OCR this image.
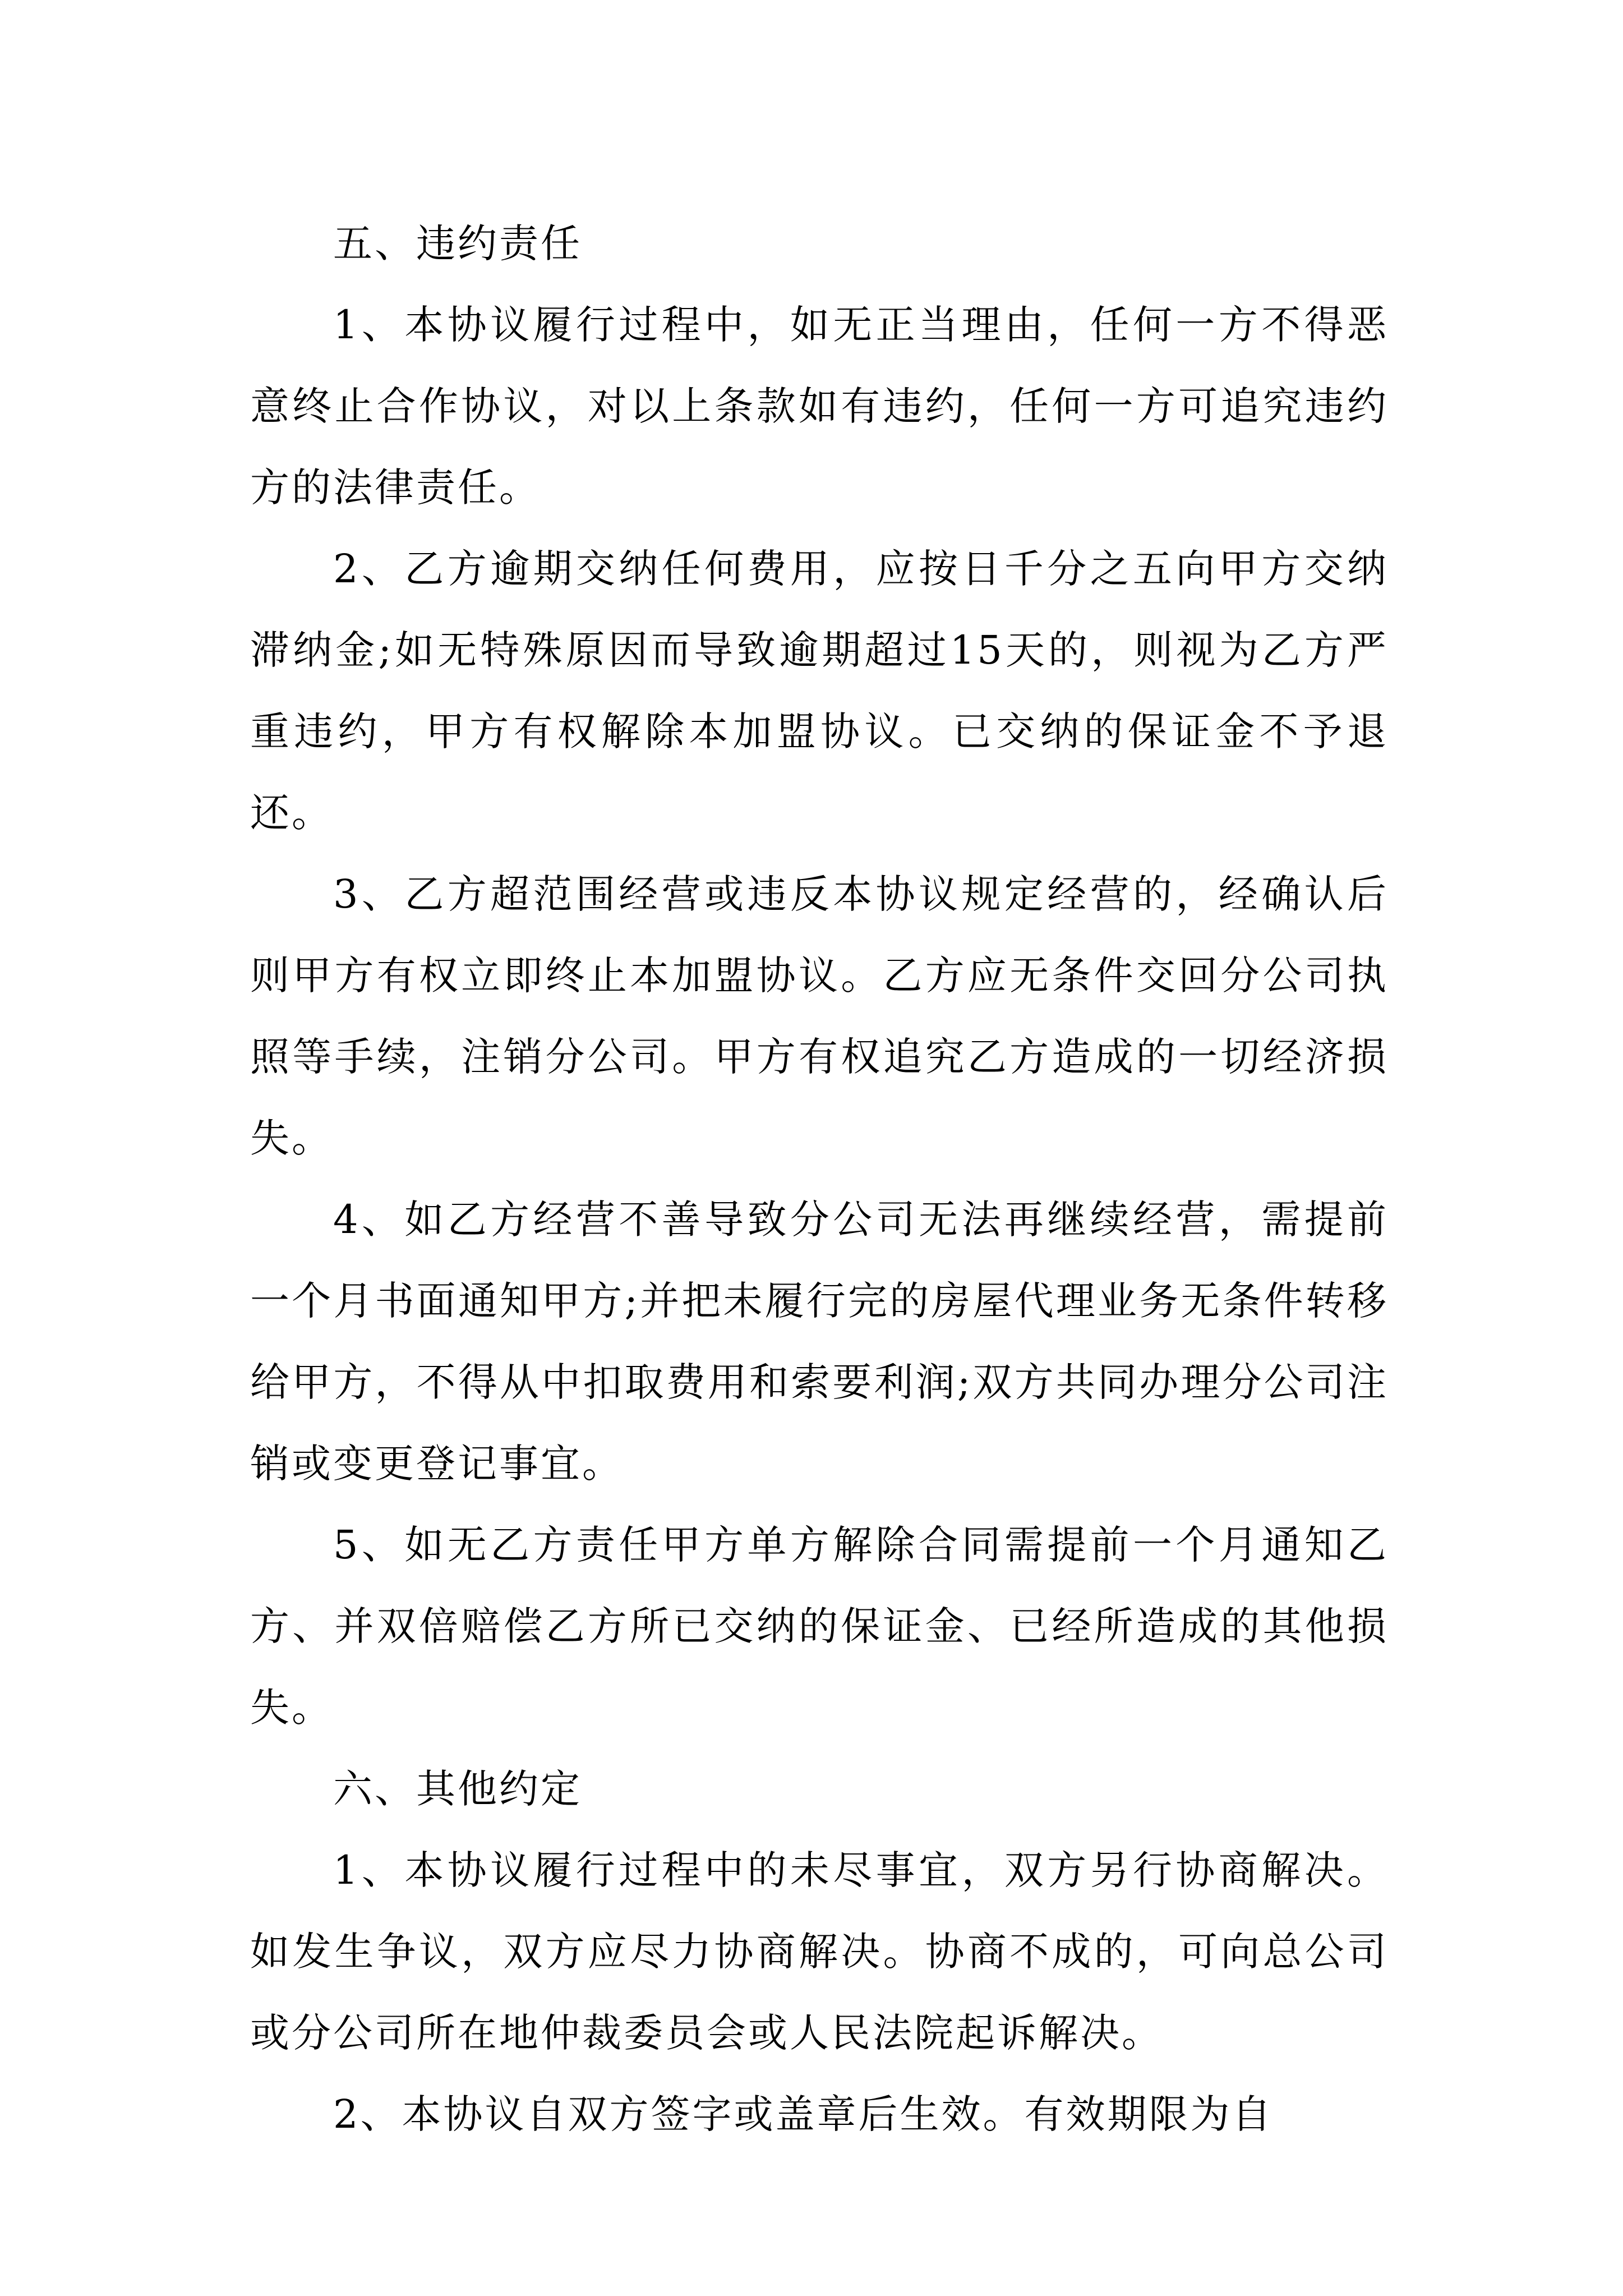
五、违约责任

1、本协议履行过程中，如无正当理由，任何一方不得恶意终止合作协议，对以上条款如有违约，任何一方可追究违约方的法律责任。

2、乙方逾期交纳任何费用，应按日千分之五向甲方交纳滞纳金;如无特殊原因而导致逾期超过15天的，则视为乙方严重违约，甲方有权解除本加盟协议。已交纳的保证金不予退还。

3、乙方超范围经营或违反本协议规定经营的，经确认后则甲方有权立即终止本加盟协议。乙方应无条件交回分公司执照等手续，注销分公司。甲方有权追究乙方造成的一切经济损失。

4、如乙方经营不善导致分公司无法再继续经营，需提前一个月书面通知甲方;并把未履行完的房屋代理业务无条件转移给甲方，不得从中扣取费用和索要利润;双方共同办理分公司注销或变更登记事宜。

5、如无乙方责任甲方单方解除合同需提前一个月通知乙方、并双倍赔偿乙方所已交纳的保证金、已经所造成的其他损失。

六、其他约定

1、本协议履行过程中的未尽事宜，双方另行协商解决。如发生争议，双方应尽力协商解决。协商不成的，可向总公司或分公司所在地仲裁委员会或人民法院起诉解决。

2、本协议自双方签字或盖章后生效。有效期限为自
